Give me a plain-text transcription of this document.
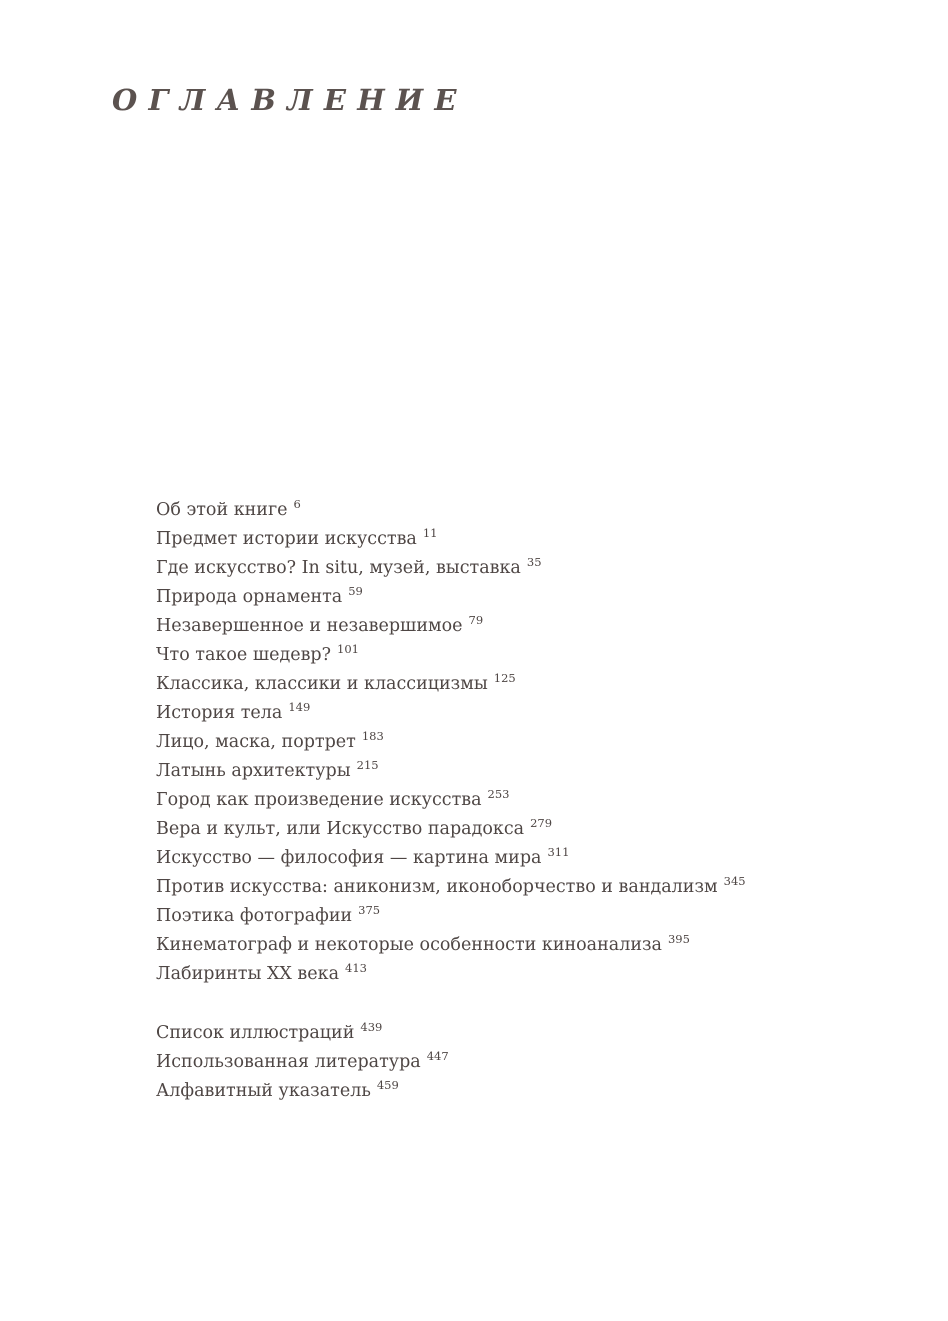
ОГЛАВЛЕНИЕ
Об этой книге $^6$
Предмет истории искусства $^{11}$
Где искусство? In situ, музей, выставка $^{35}$
Природа орнамента $^{59}$
Незавершенное и незавершимое $^{79}$
Что такое шедевр? $^{101}$
Классика, классики и классицизмы $^{125}$
История тела $^{149}$
Лицо, маска, портрет $^{183}$
Латынь архитектуры $^{215}$
Город как произведение искусства $^{253}$
Вера и культ, или Искусство парадокса $^{279}$
Искусство — философия — картина мира $^{311}$
Против искусства: аниконизм, иконоборчество и вандализм $^{345}$
Поэтика фотографии $^{375}$
Кинематограф и некоторые особенности киноанализа $^{395}$
Лабиринты XX века $^{413}$
Список иллюстраций $^{439}$
Использованная литература $^{447}$
Алфавитный указатель $^{459}$
